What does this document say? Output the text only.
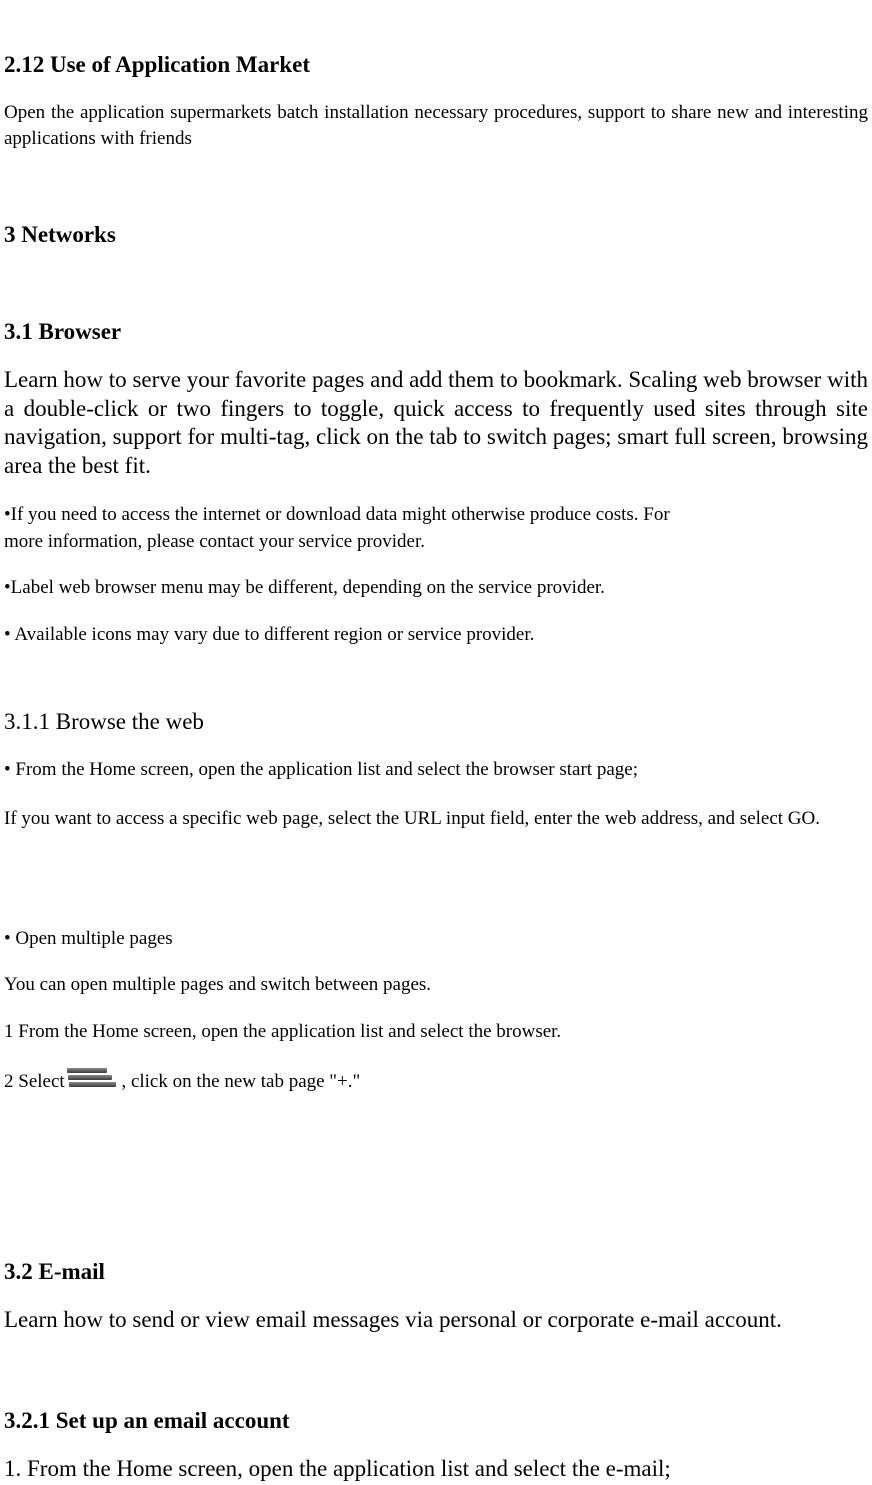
2.12 Use of Application Market

Open the application supermarkets batch installation necessary procedures, support to share new and interesting applications with friends

3 Networks
3.1 Browser

Learn how to serve your favorite pages and add them to bookmark. Scaling web browser with a double-click or two fingers to toggle, quick access to frequently used sites through site navigation, support for multi-tag, click on the tab to switch pages; smart full screen, browsing area the best fit.

•If you need to access the internet or download data might otherwise produce costs. For

more information, please contact your service provider.

•Label web browser menu may be different, depending on the service provider.

• Available icons may vary due to different region or service provider.

3.1.1 Browse the web

• From the Home screen, open the application list and select the browser start page;

If you want to access a specific web page, select the URL input field, enter the web address, and select GO.

• Open multiple pages

You can open multiple pages and switch between pages.

1 From the Home screen, open the application list and select the browser.

2 Select	, click on the new tab page "+."

3.2 E-mail

Learn how to send or view email messages via personal or corporate e-mail account.

3.2.1 Set up an email account

1. From the Home screen, open the application list and select the e-mail;
